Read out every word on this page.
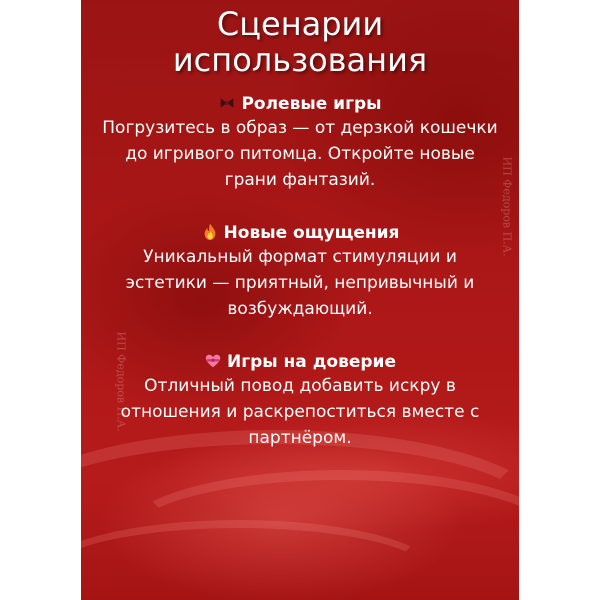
Сценарии
использования
Ролевые игры
Погрузитесь в образ — от дерзкой кошечки
до игривого питомца. Откройте новые
грани фантазий.
Новые ощущения
Уникальный формат стимуляции и
эстетики — приятный, непривычный и
возбуждающий.
Игры на доверие
Отличный повод добавить искру в
отношения и раскрепоститься вместе с
партнёром.
ИП Федоров П.А.
ИП Федоров П.А.
